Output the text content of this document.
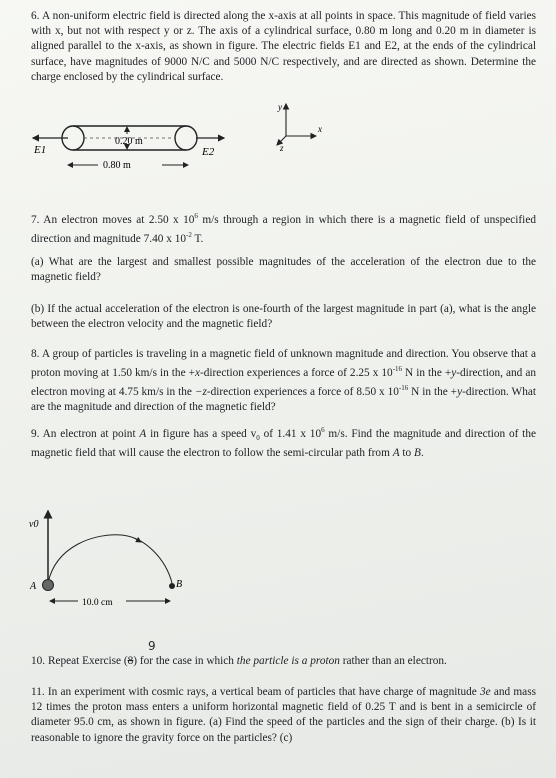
6. A non-uniform electric field is directed along the x-axis at all points in space. This magnitude of field varies with x, but not with respect y or z. The axis of a cylindrical surface, 0.80 m long and 0.20 m in diameter is aligned parallel to the x-axis, as shown in figure. The electric fields E1 and E2, at the ends of the cylindrical surface, have magnitudes of 9000 N/C and 5000 N/C respectively, and are directed as shown. Determine the charge enclosed by the cylindrical surface.
E1	E2
0.20 m
0.80 m
y
x
z
7. An electron moves at 2.50 x $10^6$ m/s through a region in which there is a magnetic field of unspecified direction and magnitude 7.40 x $10^{-2}$ T.
(a) What are the largest and smallest possible magnitudes of the acceleration of the electron due to the magnetic field?
(b) If the actual acceleration of the electron is one-fourth of the largest magnitude in part (a), what is the angle between the electron velocity and the magnetic field?
8. A group of particles is traveling in a magnetic field of unknown magnitude and direction. You observe that a proton moving at 1.50 km/s in the +x-direction experiences a force of 2.25 x $10^{-16}$ N in the +y-direction, and an electron moving at 4.75 km/s in the −z-direction experiences a force of 8.50 x $10^{-16}$ N in the +y-direction. What are the magnitude and direction of the magnetic field?
9. An electron at point A in figure has a speed $v_0$ of 1.41 x $10^6$ m/s. Find the magnitude and direction of the magnetic field that will cause the electron to follow the semi-circular path from A to B.
v0
A	B
10.0 cm
9
10. Repeat Exercise (8) for the case in which the particle is a proton rather than an electron.
11. In an experiment with cosmic rays, a vertical beam of particles that have charge of magnitude 3e and mass 12 times the proton mass enters a uniform horizontal magnetic field of 0.25 T and is bent in a semicircle of diameter 95.0 cm, as shown in figure. (a) Find the speed of the particles and the sign of their charge. (b) Is it reasonable to ignore the gravity force on the particles? (c)
